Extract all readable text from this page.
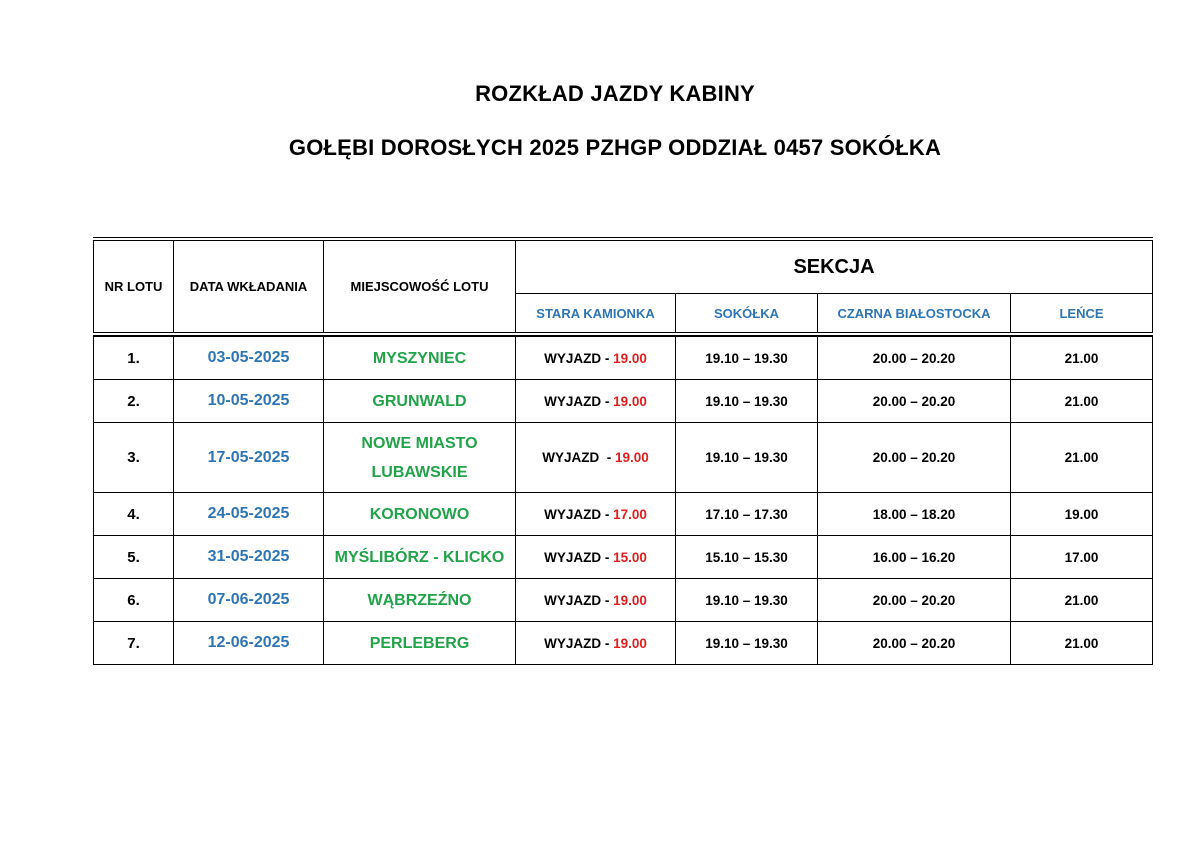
ROZKŁAD JAZDY KABINY
GOŁĘBI DOROSŁYCH 2025 PZHGP ODDZIAŁ 0457 SOKÓŁKA
NR LOTU	DATA WKŁADANIA	MIEJSCOWOŚĆ LOTU	SEKCJA			
			STARA KAMIONKA	SOKÓŁKA	CZARNA BIAŁOSTOCKA	LEŃCE

1.	03-05-2025	MYSZYNIEC	WYJAZD - 19.00	19.10 – 19.30	20.00 – 20.20	21.00
2.	10-05-2025	GRUNWALD	WYJAZD - 19.00	19.10 – 19.30	20.00 – 20.20	21.00
3.	17-05-2025	NOWE MIASTO LUBAWSKIE	WYJAZD  - 19.00	19.10 – 19.30	20.00 – 20.20	21.00
4.	24-05-2025	KORONOWO	WYJAZD - 17.00	17.10 – 17.30	18.00 – 18.20	19.00
5.	31-05-2025	MYŚLIBÓRZ - KLICKO	WYJAZD - 15.00	15.10 – 15.30	16.00 – 16.20	17.00
6.	07-06-2025	WĄBRZEŹNO	WYJAZD - 19.00	19.10 – 19.30	20.00 – 20.20	21.00
7.	12-06-2025	PERLEBERG	WYJAZD - 19.00	19.10 – 19.30	20.00 – 20.20	21.00
